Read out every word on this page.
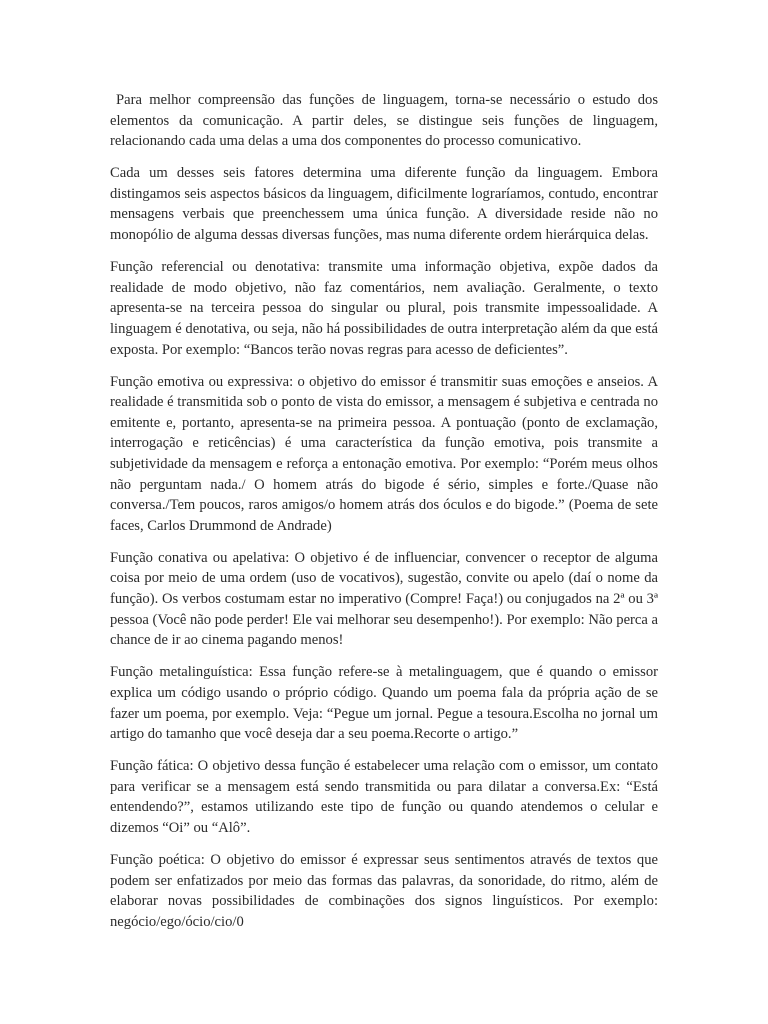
Para melhor compreensão das funções de linguagem, torna-se necessário o estudo dos elementos da comunicação. A partir deles, se distingue seis funções de linguagem, relacionando cada uma delas a uma dos componentes do processo comunicativo.

Cada um desses seis fatores determina uma diferente função da linguagem. Embora distingamos seis aspectos básicos da linguagem, dificilmente lograríamos, contudo, encontrar mensagens verbais que preenchessem uma única função. A diversidade reside não no monopólio de alguma dessas diversas funções, mas numa diferente ordem hierárquica delas.

Função referencial ou denotativa: transmite uma informação objetiva, expõe dados da realidade de modo objetivo, não faz comentários, nem avaliação. Geralmente, o texto apresenta-se na terceira pessoa do singular ou plural, pois transmite impessoalidade. A linguagem é denotativa, ou seja, não há possibilidades de outra interpretação além da que está exposta. Por exemplo: “Bancos terão novas regras para acesso de deficientes”.

Função emotiva ou expressiva: o objetivo do emissor é transmitir suas emoções e anseios. A realidade é transmitida sob o ponto de vista do emissor, a mensagem é subjetiva e centrada no emitente e, portanto, apresenta-se na primeira pessoa. A pontuação (ponto de exclamação, interrogação e reticências) é uma característica da função emotiva, pois transmite a subjetividade da mensagem e reforça a entonação emotiva. Por exemplo: “Porém meus olhos não perguntam nada./ O homem atrás do bigode é sério, simples e forte./Quase não conversa./Tem poucos, raros amigos/o homem atrás dos óculos e do bigode.” (Poema de sete faces, Carlos Drummond de Andrade)

Função conativa ou apelativa: O objetivo é de influenciar, convencer o receptor de alguma coisa por meio de uma ordem (uso de vocativos), sugestão, convite ou apelo (daí o nome da função). Os verbos costumam estar no imperativo (Compre! Faça!) ou conjugados na 2ª ou 3ª pessoa (Você não pode perder! Ele vai melhorar seu desempenho!). Por exemplo: Não perca a chance de ir ao cinema pagando menos!

Função metalinguística: Essa função refere-se à metalinguagem, que é quando o emissor explica um código usando o próprio código. Quando um poema fala da própria ação de se fazer um poema, por exemplo. Veja: “Pegue um jornal. Pegue a tesoura.Escolha no jornal um artigo do tamanho que você deseja dar a seu poema.Recorte o artigo.”

Função fática: O objetivo dessa função é estabelecer uma relação com o emissor, um contato para verificar se a mensagem está sendo transmitida ou para dilatar a conversa.Ex: “Está entendendo?”, estamos utilizando este tipo de função ou quando atendemos o celular e dizemos “Oi” ou “Alô”.

Função poética: O objetivo do emissor é expressar seus sentimentos através de textos que podem ser enfatizados por meio das formas das palavras, da sonoridade, do ritmo, além de elaborar novas possibilidades de combinações dos signos linguísticos. Por exemplo: negócio/ego/ócio/cio/0
